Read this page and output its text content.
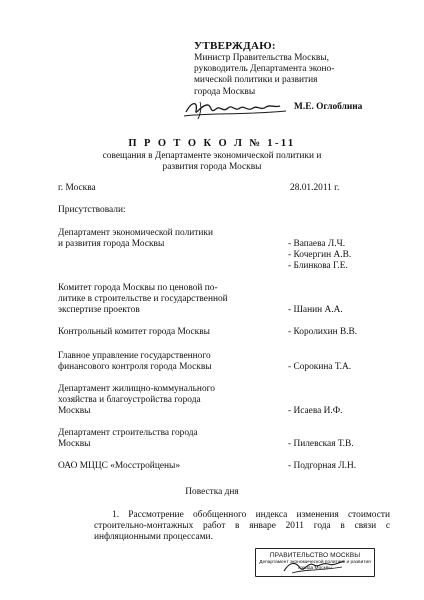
УТВЕРЖДАЮ:
Министр Правительства Москвы,
руководитель Департамента эконо-
мической политики и развития
города Москвы
М.Е. Оглоблина
П Р О Т О К О Л № 1-11
совещания в Департаменте экономической политики и
развития города Москвы
г. Москва	28.01.2011 г.
Присутствовали:
Департамент экономической политики
и развития города Москвы	- Вапаева Л.Ч.
- Кочергин А.В.
- Блинкова Г.Е.
Комитет города Москвы по ценовой по-
литике в строительстве и государственной
экспертизе проектов	- Шанин А.А.
Контрольный комитет города Москвы	- Королихин В.В.
Главное управление государственного
финансового контроля города Москвы	- Сорокина Т.А.
Департамент жилищно-коммунального
хозяйства и благоустройства города
Москвы	- Исаева И.Ф.
Департамент строительства города
Москвы	- Пилевская Т.В.
ОАО МЦЦС «Мосстройцены»	- Подгорная Л.Н.
Повестка дня
1. Рассмотрение обобщенного индекса изменения стоимости строительно-монтажных работ в январе 2011 года в связи с инфляционными процессами.
ПРАВИТЕЛЬСТВО МОСКВЫ
Департамент экономической политики и развития города Москвы
